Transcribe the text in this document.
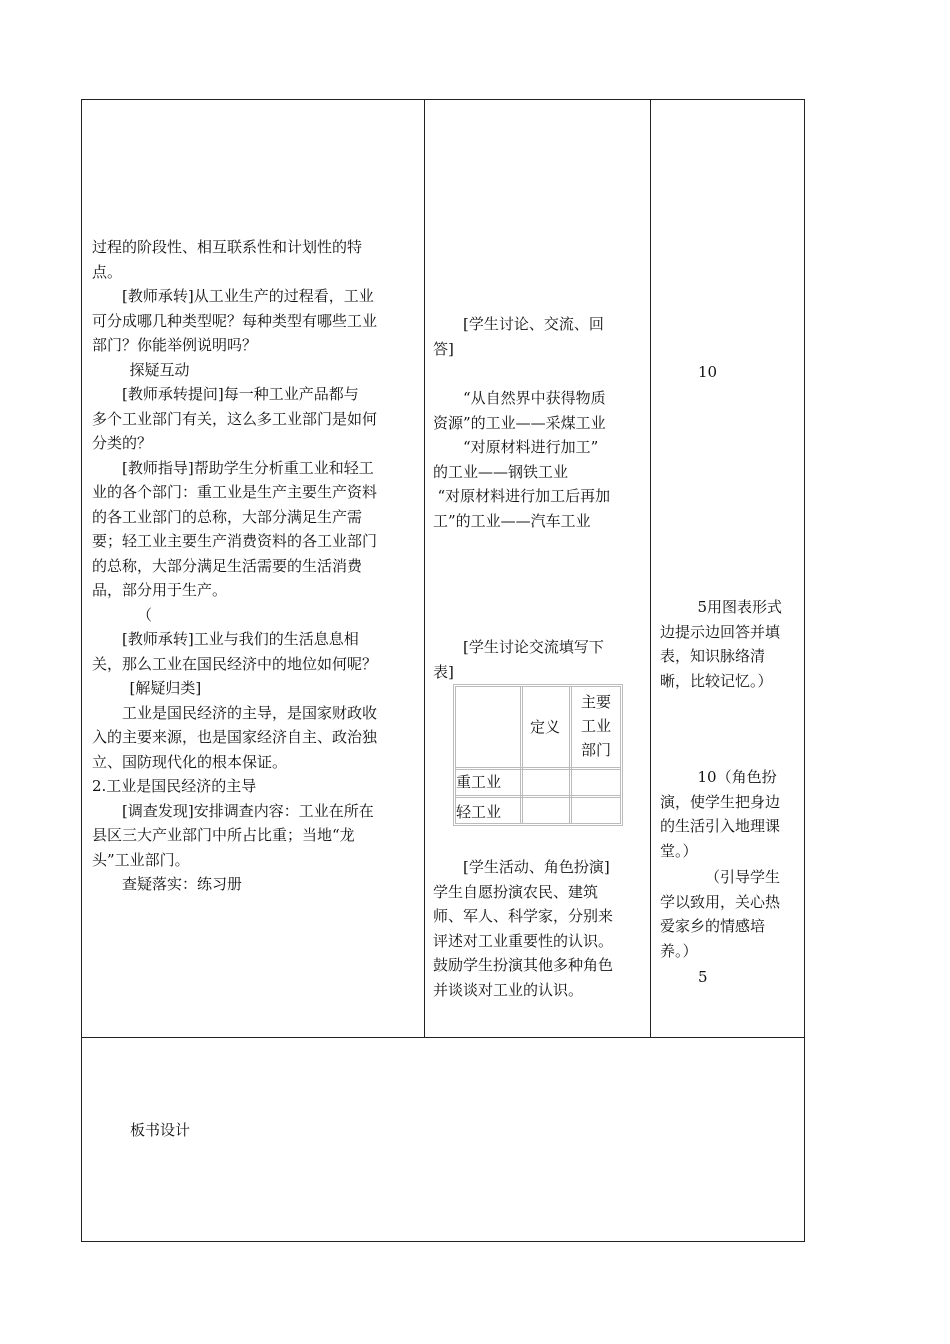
过程的阶段性、相互联系性和计划性的特
点。
[教师承转]从工业生产的过程看，工业
可分成哪几种类型呢？每种类型有哪些工业
部门？你能举例说明吗？
探疑互动
[教师承转提问]每一种工业产品都与
多个工业部门有关，这么多工业部门是如何
分类的？
[教师指导]帮助学生分析重工业和轻工
业的各个部门：重工业是生产主要生产资料
的各工业部门的总称，大部分满足生产需
要；轻工业主要生产消费资料的各工业部门
的总称，大部分满足生活需要的生活消费
品，部分用于生产。
（
[教师承转]工业与我们的生活息息相
关，那么工业在国民经济中的地位如何呢？
[解疑归类]
工业是国民经济的主导，是国家财政收
入的主要来源，也是国家经济自主、政治独
立、国防现代化的根本保证。
2.工业是国民经济的主导
[调查发现]安排调查内容：工业在所在
县区三大产业部门中所占比重；当地“龙
头”工业部门。
查疑落实：练习册
[学生讨论、交流、回
答]
“从自然界中获得物质
资源”的工业——采煤工业
“对原材料进行加工”
的工业——钢铁工业
“对原材料进行加工后再加
工”的工业——汽车工业
[学生讨论交流填写下
表]
定义
主要
工业
部门
重工业
轻工业
[学生活动、角色扮演]
学生自愿扮演农民、建筑
师、军人、科学家，分别来
评述对工业重要性的认识。
鼓励学生扮演其他多种角色
并谈谈对工业的认识。
10
5用图表形式
边提示边回答并填
表，知识脉络清
晰，比较记忆。）
10（角色扮
演，使学生把身边
的生活引入地理课
堂。）
（引导学生
学以致用，关心热
爱家乡的情感培
养。）
5
板书设计
